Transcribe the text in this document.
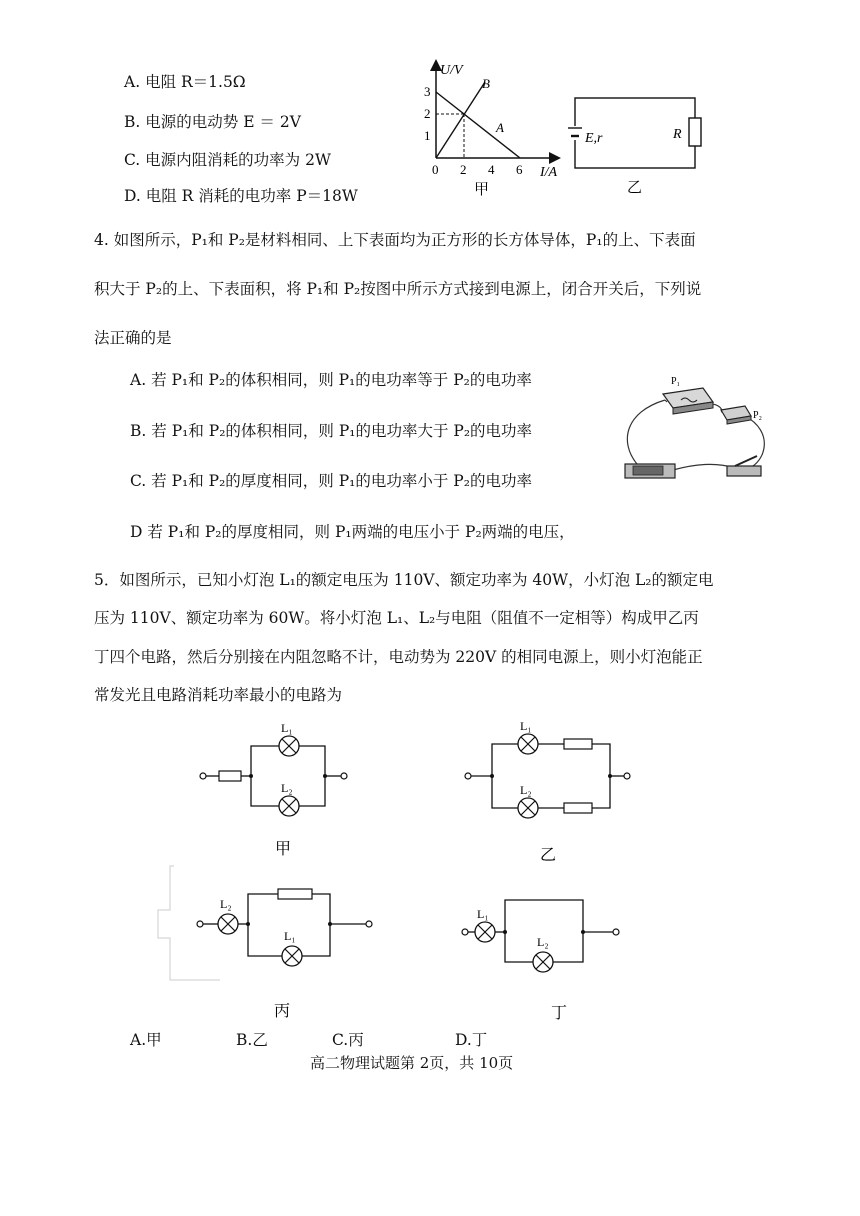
A. 电阻 R＝1.5Ω
B. 电源的电动势 E ＝ 2V
C. 电源内阻消耗的功率为 2W
D. 电阻 R 消耗的电功率 P＝18W
U/V
I/A
3
2
1
0 2 4 6
B
A
甲
E,r	R
乙
4. 如图所示，P₁和 P₂是材料相同、上下表面均为正方形的长方体导体，P₁的上、下表面
积大于 P₂的上、下表面积，将 P₁和 P₂按图中所示方式接到电源上，闭合开关后，下列说
法正确的是
A. 若 P₁和 P₂的体积相同，则 P₁的电功率等于 P₂的电功率
B. 若 P₁和 P₂的体积相同，则 P₁的电功率大于 P₂的电功率
C. 若 P₁和 P₂的厚度相同，则 P₁的电功率小于 P₂的电功率
D 若 P₁和 P₂的厚度相同，则 P₁两端的电压小于 P₂两端的电压，
P₁
P₂
5．如图所示，已知小灯泡 L₁的额定电压为 110V、额定功率为 40W，小灯泡 L₂的额定电
压为 110V、额定功率为 60W。将小灯泡 L₁、L₂与电阻（阻值不一定相等）构成甲乙丙
丁四个电路，然后分别接在内阻忽略不计，电动势为 220V 的相同电源上，则小灯泡能正
常发光且电路消耗功率最小的电路为
L₁
L₂
甲
L₁
L₂
乙
L₂
L₁
丙
L₁
L₂
丁
A.甲	B.乙	C.丙	D.丁
高二物理试题第 2页，共 10页
